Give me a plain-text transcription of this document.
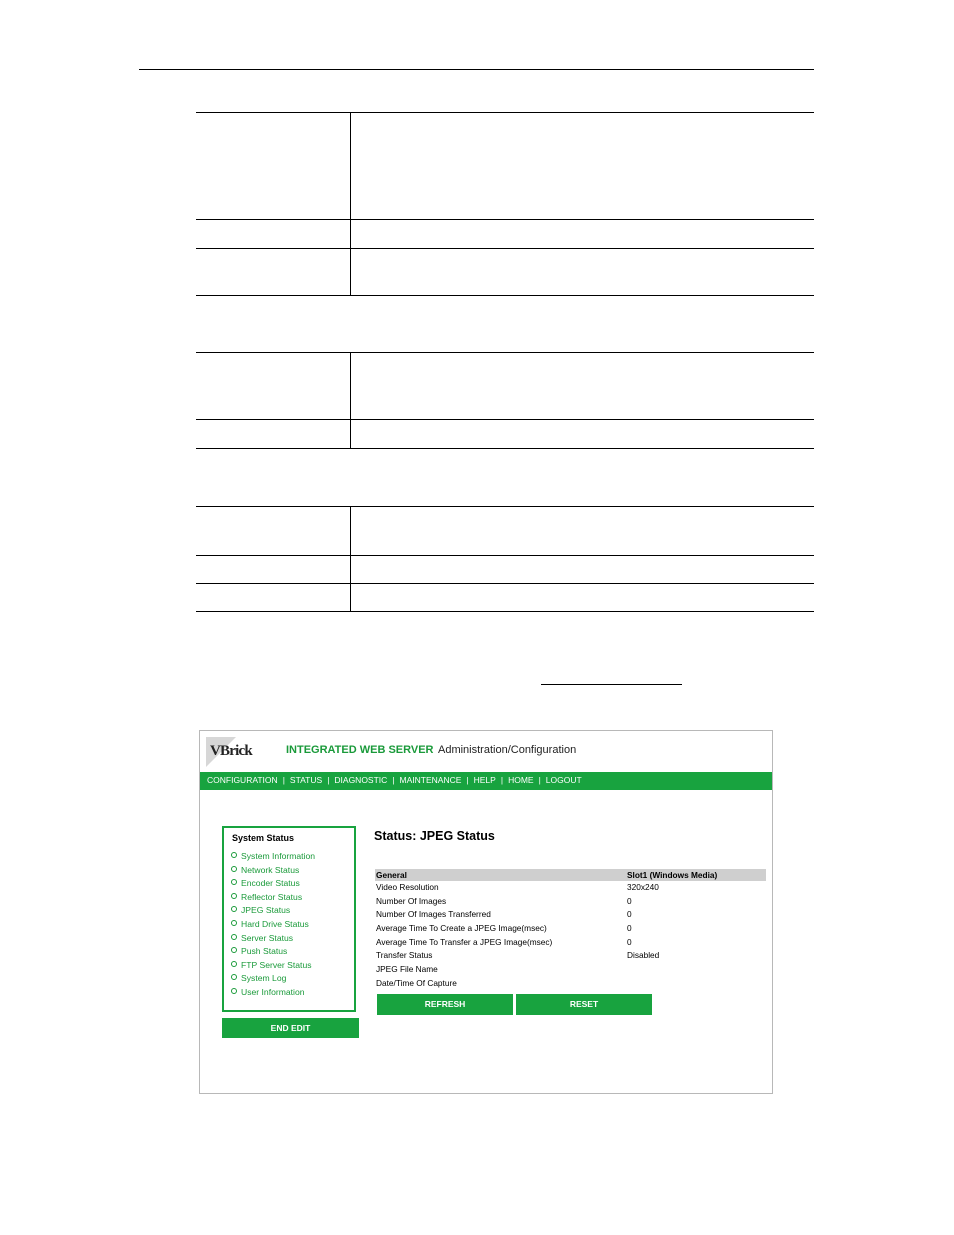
VBrick	INTEGRATED WEB SERVER Administration/Configuration
CONFIGURATION | STATUS | DIAGNOSTIC | MAINTENANCE | HELP | HOME | LOGOUT
System Status
System Information
Network Status
Encoder Status
Reflector Status
JPEG Status
Hard Drive Status
Server Status
Push Status
FTP Server Status
System Log
User Information
END EDIT
Status: JPEG Status
General	Slot1 (Windows Media)
Video Resolution	320x240
Number Of Images	0
Number Of Images Transferred	0
Average Time To Create a JPEG Image(msec)	0
Average Time To Transfer a JPEG Image(msec)	0
Transfer Status	Disabled
JPEG File Name
Date/Time Of Capture
REFRESH	RESET
